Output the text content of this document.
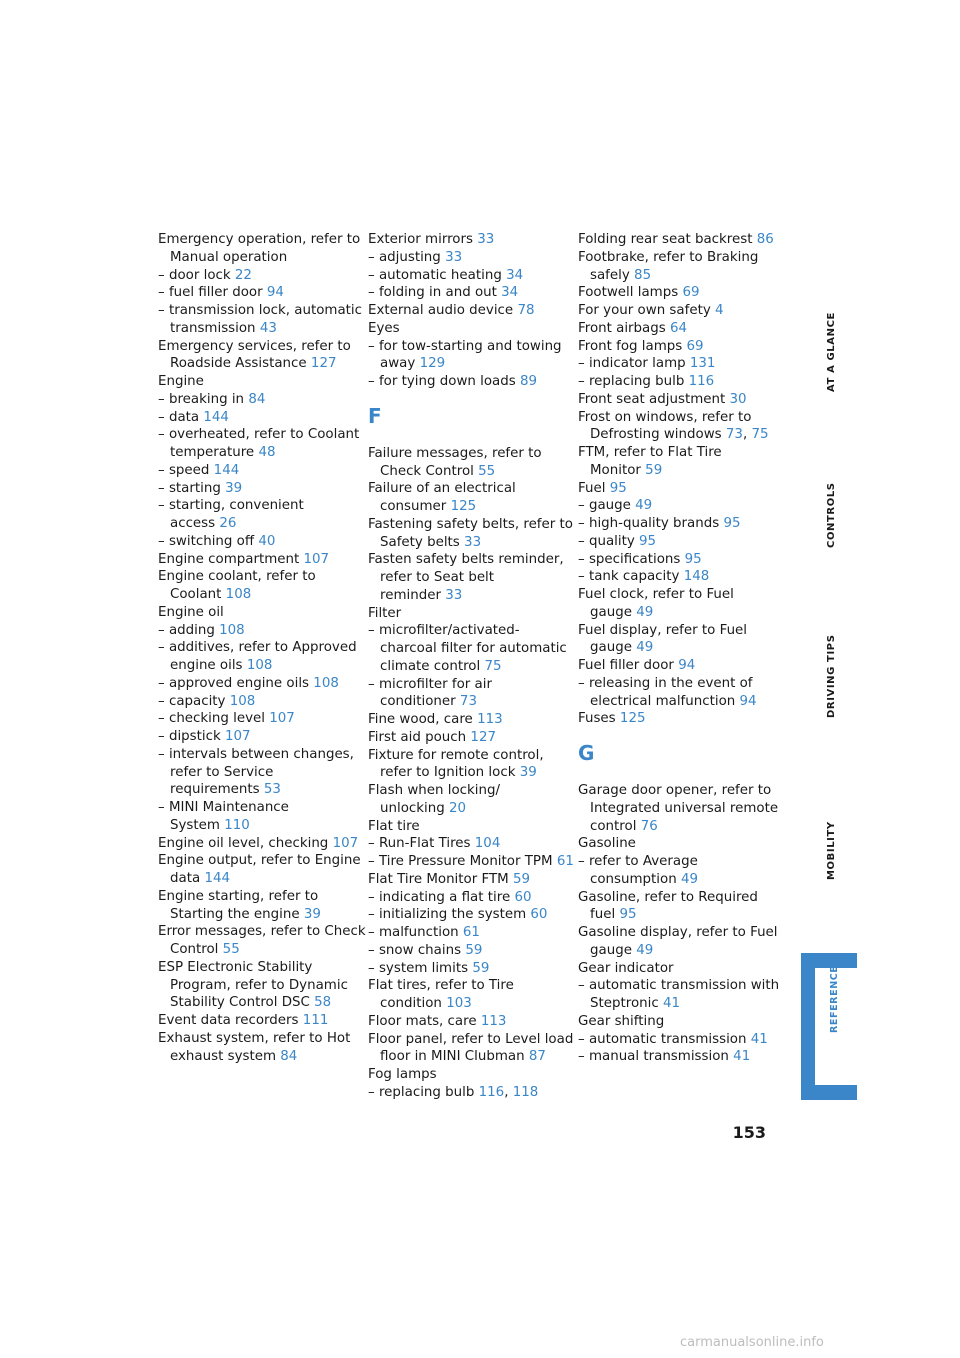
Emergency operation, refer to
Manual operation
– door lock 22
– fuel filler door 94
– transmission lock, automatic
transmission 43
Emergency services, refer to
Roadside Assistance 127
Engine
– breaking in 84
– data 144
– overheated, refer to Coolant
temperature 48
– speed 144
– starting 39
– starting, convenient
access 26
– switching off 40
Engine compartment 107
Engine coolant, refer to
Coolant 108
Engine oil
– adding 108
– additives, refer to Approved
engine oils 108
– approved engine oils 108
– capacity 108
– checking level 107
– dipstick 107
– intervals between changes,
refer to Service
requirements 53
– MINI Maintenance
System 110
Engine oil level, checking 107
Engine output, refer to Engine
data 144
Engine starting, refer to
Starting the engine 39
Error messages, refer to Check
Control 55
ESP Electronic Stability
Program, refer to Dynamic
Stability Control DSC 58
Event data recorders 111
Exhaust system, refer to Hot
exhaust system 84
Exterior mirrors 33
– adjusting 33
– automatic heating 34
– folding in and out 34
External audio device 78
Eyes
– for tow-starting and towing
away 129
– for tying down loads 89
F
Failure messages, refer to
Check Control 55
Failure of an electrical
consumer 125
Fastening safety belts, refer to
Safety belts 33
Fasten safety belts reminder,
refer to Seat belt
reminder 33
Filter
– microfilter/activated-
charcoal filter for automatic
climate control 75
– microfilter for air
conditioner 73
Fine wood, care 113
First aid pouch 127
Fixture for remote control,
refer to Ignition lock 39
Flash when locking/
unlocking 20
Flat tire
– Run-Flat Tires 104
– Tire Pressure Monitor TPM 61
Flat Tire Monitor FTM 59
– indicating a flat tire 60
– initializing the system 60
– malfunction 61
– snow chains 59
– system limits 59
Flat tires, refer to Tire
condition 103
Floor mats, care 113
Floor panel, refer to Level load
floor in MINI Clubman 87
Fog lamps
– replacing bulb 116, 118
Folding rear seat backrest 86
Footbrake, refer to Braking
safely 85
Footwell lamps 69
For your own safety 4
Front airbags 64
Front fog lamps 69
– indicator lamp 131
– replacing bulb 116
Front seat adjustment 30
Frost on windows, refer to
Defrosting windows 73, 75
FTM, refer to Flat Tire
Monitor 59
Fuel 95
– gauge 49
– high-quality brands 95
– quality 95
– specifications 95
– tank capacity 148
Fuel clock, refer to Fuel
gauge 49
Fuel display, refer to Fuel
gauge 49
Fuel filler door 94
– releasing in the event of
electrical malfunction 94
Fuses 125
G
Garage door opener, refer to
Integrated universal remote
control 76
Gasoline
– refer to Average
consumption 49
Gasoline, refer to Required
fuel 95
Gasoline display, refer to Fuel
gauge 49
Gear indicator
– automatic transmission with
Steptronic 41
Gear shifting
– automatic transmission 41
– manual transmission 41
AT A GLANCE
CONTROLS
DRIVING TIPS
MOBILITY
REFERENCE
153
carmanualsonline.info
